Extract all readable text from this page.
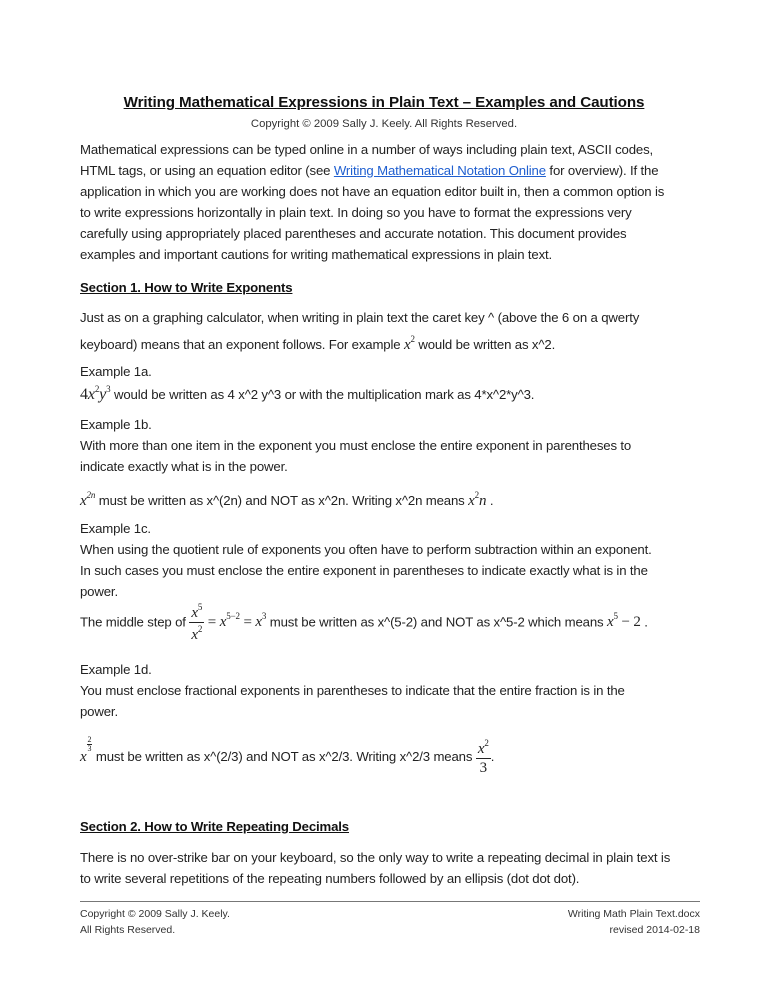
Writing Mathematical Expressions in Plain Text – Examples and Cautions
Copyright © 2009 Sally J. Keely. All Rights Reserved.
Mathematical expressions can be typed online in a number of ways including plain text, ASCII codes,
HTML tags, or using an equation editor (see Writing Mathematical Notation Online for overview). If the
application in which you are working does not have an equation editor built in, then a common option is
to write expressions horizontally in plain text. In doing so you have to format the expressions very
carefully using appropriately placed parentheses and accurate notation. This document provides
examples and important cautions for writing mathematical expressions in plain text.
Section 1. How to Write Exponents
Just as on a graphing calculator, when writing in plain text the caret key ^ (above the 6 on a qwerty
keyboard) means that an exponent follows. For example $x^2$ would be written as x^2.
Example 1a.
$4x^2y^3$ would be written as 4 x^2 y^3 or with the multiplication mark as 4*x^2*y^3.
Example 1b.
With more than one item in the exponent you must enclose the entire exponent in parentheses to
indicate exactly what is in the power.
$x^{2n}$ must be written as x^(2n) and NOT as x^2n. Writing x^2n means $x^2n$ .
Example 1c.
When using the quotient rule of exponents you often have to perform subtraction within an exponent.
In such cases you must enclose the entire exponent in parentheses to indicate exactly what is in the
power.
The middle step of $\frac{x^5}{x^2} = x^{5-2} = x^3$ must be written as x^(5-2) and NOT as x^5-2 which means $x^5 - 2$ .
Example 1d.
You must enclose fractional exponents in parentheses to indicate that the entire fraction is in the
power.
x
$\frac{2}{3}$
must be written as x^(2/3) and NOT as x^2/3. Writing x^2/3 means $\frac{x^2}{3}$ .
Section 2. How to Write Repeating Decimals
There is no over-strike bar on your keyboard, so the only way to write a repeating decimal in plain text is
to write several repetitions of the repeating numbers followed by an ellipsis (dot dot dot).
Copyright © 2009 Sally J. Keely.
All Rights Reserved.
Writing Math Plain Text.docx
revised 2014-02-18
